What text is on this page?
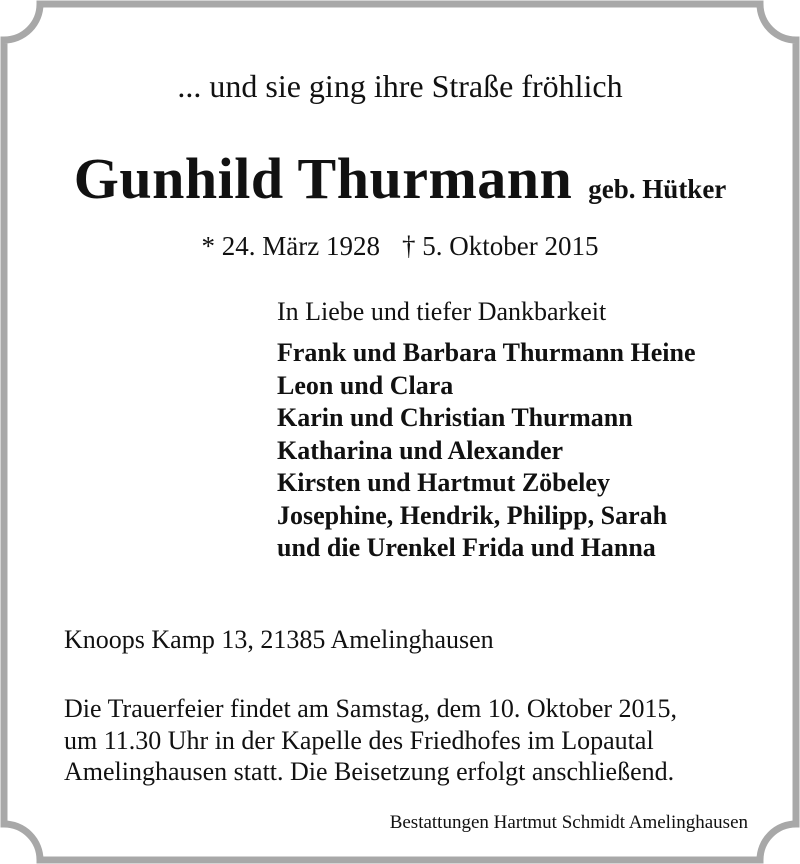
... und sie ging ihre Straße fröhlich
Gunhild Thurmann geb. Hütker
* 24. März 1928 † 5. Oktober 2015
In Liebe und tiefer Dankbarkeit
Frank und Barbara Thurmann Heine
Leon und Clara
Karin und Christian Thurmann
Katharina und Alexander
Kirsten und Hartmut Zöbeley
Josephine, Hendrik, Philipp, Sarah
und die Urenkel Frida und Hanna
Knoops Kamp 13, 21385 Amelinghausen
Die Trauerfeier findet am Samstag, dem 10. Oktober 2015,
um 11.30 Uhr in der Kapelle des Friedhofes im Lopautal
Amelinghausen statt. Die Beisetzung erfolgt anschließend.
Bestattungen Hartmut Schmidt Amelinghausen
